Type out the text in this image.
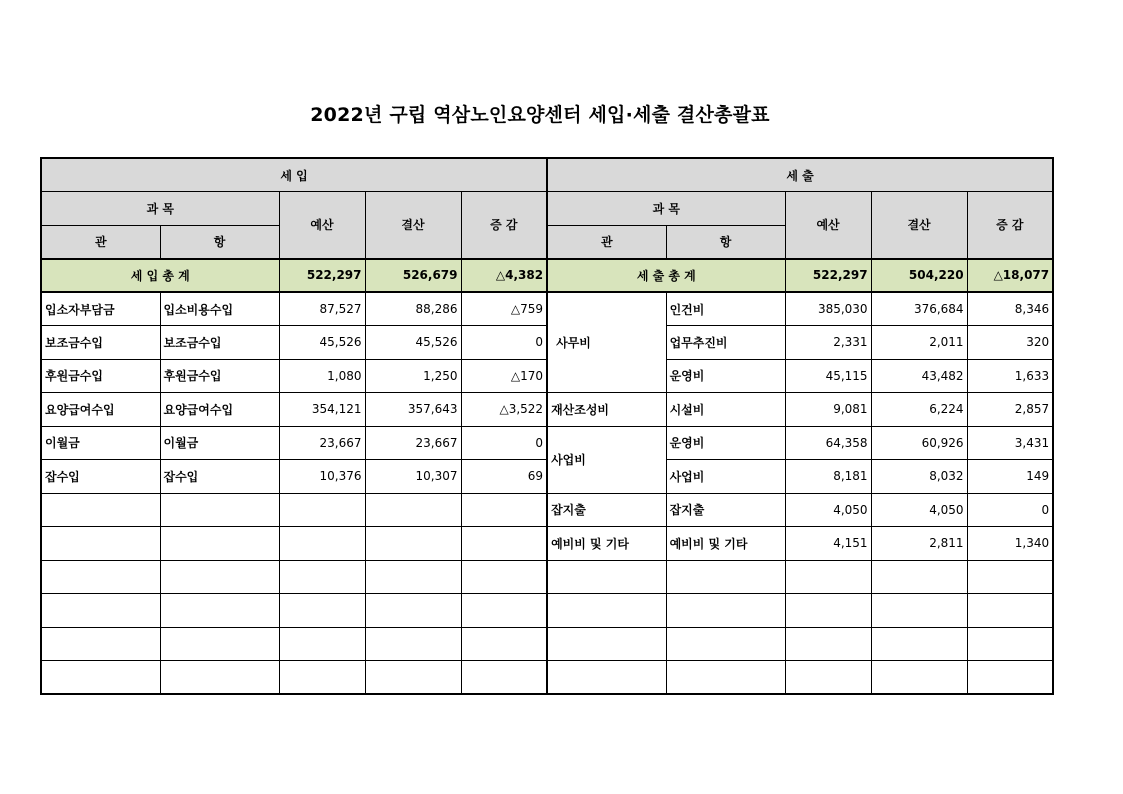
2022년 구립 역삼노인요양센터 세입·세출 결산총괄표
세 입					세 출				
과 목		예산	결산	증 감	과 목		예산	결산	증 감
관	항				관	항			
세 입 총 계		522,297	526,679	△4,382	세 출 총 계		522,297	504,220	△18,077
입소자부담금	입소비용수입	87,527	88,286	△759	사무비	인건비	385,030	376,684	8,346
보조금수입	보조금수입	45,526	45,526	0		업무추진비	2,331	2,011	320
후원금수입	후원금수입	1,080	1,250	△170		운영비	45,115	43,482	1,633
요양급여수입	요양급여수입	354,121	357,643	△3,522	재산조성비	시설비	9,081	6,224	2,857
이월금	이월금	23,667	23,667	0	사업비	운영비	64,358	60,926	3,431
잡수입	잡수입	10,376	10,307	69		사업비	8,181	8,032	149
					잡지출	잡지출	4,050	4,050	0
					예비비 및 기타	예비비 및 기타	4,151	2,811	1,340
